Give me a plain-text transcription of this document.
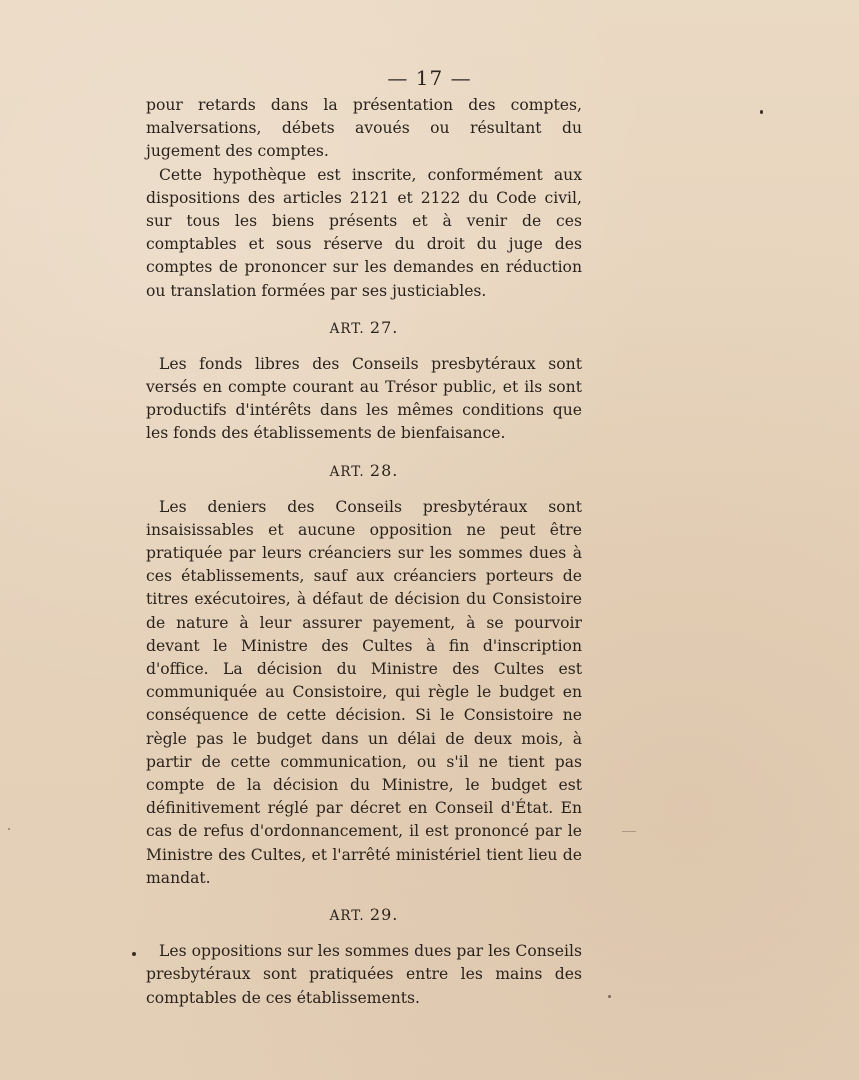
— 17 —

pour retards dans la présentation des comptes, malversations, débets avoués ou résultant du jugement des comptes.

Cette hypothèque est inscrite, conformément aux dispositions des articles 2121 et 2122 du Code civil, sur tous les biens présents et à venir de ces comptables et sous réserve du droit du juge des comptes de prononcer sur les demandes en réduction ou translation formées par ses justiciables.

ART. 27.

Les fonds libres des Conseils presbytéraux sont versés en compte courant au Trésor public, et ils sont productifs d'intérêts dans les mêmes conditions que les fonds des établissements de bienfaisance.

ART. 28.

Les deniers des Conseils presbytéraux sont insaisissables et aucune opposition ne peut être pratiquée par leurs créanciers sur les sommes dues à ces établissements, sauf aux créanciers porteurs de titres exécutoires, à défaut de décision du Consistoire de nature à leur assurer payement, à se pourvoir devant le Ministre des Cultes à fin d'inscription d'office. La décision du Ministre des Cultes est communiquée au Consistoire, qui règle le budget en conséquence de cette décision. Si le Consistoire ne règle pas le budget dans un délai de deux mois, à partir de cette communication, ou s'il ne tient pas compte de la décision du Ministre, le budget est définitivement réglé par décret en Conseil d'État. En cas de refus d'ordonnancement, il est prononcé par le Ministre des Cultes, et l'arrêté ministériel tient lieu de mandat.

ART. 29.

Les oppositions sur les sommes dues par les Conseils presbytéraux sont pratiquées entre les mains des comptables de ces établissements.
